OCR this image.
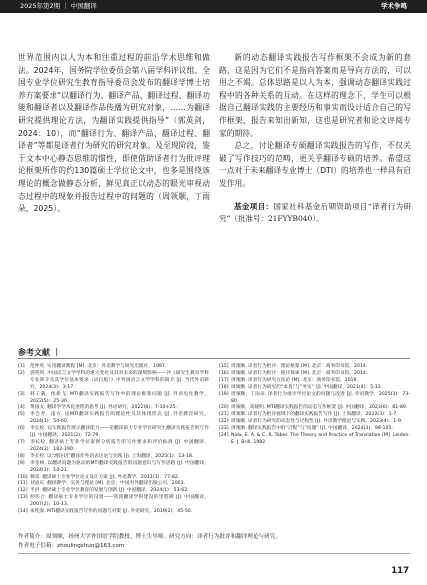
2025年第2期 ｜ 中国翻译	学术争鸣

世界范围内以人为本和注重过程的前沿学术思维和做法。2024年，国务院学位委员会第八届学科评议组、全国专业学位研究生教育指导委员会发布的翻译学博士培养方案要求“以翻译行为、翻译产品、翻译过程、翻译功能和翻译者以及翻译作品传播为研究对象，……为翻译研究提供理论方法，为翻译实践提供指导”（郭英剑，2024：10），而“翻译行为、翻译产品、翻译过程、翻译者”等都是译者行为研究的研究对象。及至现阶段，鉴于文本中心静态思维的惯性，即使借助译者行为批评理论框架所作的约130篇硕士学位论文中，也多是围绕该理论的概念做静态分析，鲜见真正以动态的眼光审视动态过程中的现象并报告过程中的问题的（周领顺，丁雨朵，2025）。

新的动态翻译实践报告写作框架不会成为新的套路，这是因为它们不是指向答案而是导向方法的，可以用之不竭。总体思路是以人为本，强调动态翻译实践过程中的各种关系的互动。在这样的理念下，学生可以根据自己翻译实践的主要经历和事实而设计适合自己的写作框架，报告来知出新知，这也是研究者和论文评阅专家的期待。

总之，讨论翻译专硕翻译实践报告的写作，不仅关破了写作技巧的范畴，更关乎翻译专硕的培养。希望这一点对于未来翻译专业博士（DTI）的培养也一样具有启发作用。

基金项目：国家社科基金后期资助项目“译者行为研究”（批准号：21FYYB040）。

参考文献 ｜
[1] 范仲英. 实用翻译教程 [M]. 北京：外语教学与研究出版社，1997.
[2] 郭英剑. 中国语言文学学科的重大变化及其对未来的深刻影响——评《研究生教育学科专业简介及其学位基本要求（试行版）》中外国语言文学学科的简介 [J]. 当代外语研究，2024(3)：3-17.
[3] 韩子满，侯新飞. MTI翻译实践报告写作中的理论框架问题 [J]. 外语电化教学，2022(5)：25-30.
[4] 黄国文. 翻译学学术化进程的思考 [J]. 外语研究，2022(6)：7-10+25.
[5] 李会芳，南方. 论MTI翻译实践报告的理论性及其体现形式 [J]. 外语教育研究，2024(1)：54-60.
[6] 李长栓. 以实践报告展示翻译能力——论翻译硕士专业学位研究生翻译实践报告的写作 [J]. 中国翻译，2021(2)：72-79.
[7] 李长栓. 翻译硕士专业学位案例分析报告的写作要求和评价标准 [J]. 中国翻译，2024(2)：182-190.
[8] 李长栓. 以“理论切”翻译作外语表达论与实践 [J]. 上海翻译，2025(1)：13-18.
[9] 李金树. 以翻译问题为驱动的MTI翻译实践报告的问题意识与写作思路 [J]. 中国翻译，2024(2)：14-21.
[10] 穆雷. 翻译硕士专业学位论文设计方案 [J]. 外语教学，2011(1)：77-82.
[11] 刘宓庆. 翻译教学：实务与理论 [M]. 北京：中国对外翻译出版公司，2003.
[12] 平洪. 翻译硕士专业学位教育的发展与创新 [J]. 中国翻译，2024(1)：53-62.
[13] 仲伟合. 翻译硕士专业学位的设置——我国翻译学科建设的里程碑 [J]. 中国翻译，2007(2)：10-13.
[14] 朱纯深. MTI翻译实践报告写作的问题与对策 [J]. 外语研究，2019(2)：45-50.
[15] 周领顺. 译者行为批评：理论框架 [M]. 北京：商务印书馆，2014.
[16] 周领顺. 译者行为批评：路径探索 [M]. 北京：商务印书馆，2014.
[17] 周领顺. 译者行为研究方法论 [M]. 北京：商务印书馆，2019.
[18] 周领顺. 译者行为研究的“求真”与“务实” [J]. 中国翻译，2021(4)：5-12.
[19] 周领顺，丁雨朵. 译者行为批评学位论文的问题与改进 [J]. 外语教学，2025(1)：73-80.
[20] 周领顺，高晓明. MTI翻译实践报告的动态写作框架 [J]. 中国翻译，2023(6)：81-89.
[21] 周领顺. 译者行为批评视域下的翻译实践报告写作 [J]. 上海翻译，2022(3)：1-7.
[22] 周领顺. 译者行为研究的动态性与过程性 [J]. 外语教学理论与实践，2023(4)：1-9.
[23] 周领顺. 翻译实践报告中的“过程”与“问题” [J]. 中国翻译，2024(3)：98-105.
[24] Nida, E. A. & C. R. Taber. The Theory and Practice of Translation [M]. Leiden: E. J. Brill, 1982.
作者简介：周领顺，扬州大学外国语学院教授、博士生导师。研究方向：译者行为批评和翻译理论与研究。
作者电子信箱：zhoulingshun@163.com
117
